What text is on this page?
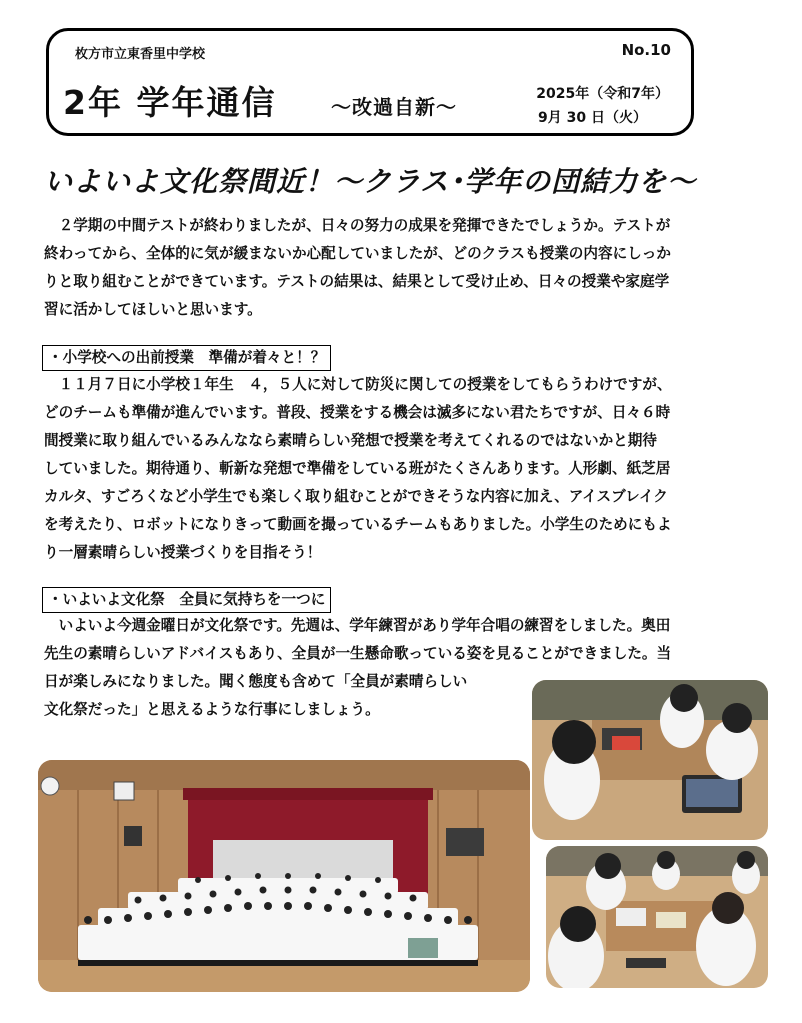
枚方市立東香里中学校	No.10
2年 学年通信	～改過自新～
2025年（令和7年）
9月 30 日（火）
いよいよ文化祭間近！～クラス･学年の団結力を～

　２学期の中間テストが終わりましたが、日々の努力の成果を発揮できたでしょうか。テストが
終わってから、全体的に気が緩まないか心配していましたが、どのクラスも授業の内容にしっか
りと取り組むことができています。テストの結果は、結果として受け止め、日々の授業や家庭学
習に活かしてほしいと思います。

・小学校への出前授業　準備が着々と！？

　１１月７日に小学校１年生　４，５人に対して防災に関しての授業をしてもらうわけですが、
どのチームも準備が進んでいます。普段、授業をする機会は滅多にない君たちですが、日々６時
間授業に取り組んでいるみんななら素晴らしい発想で授業を考えてくれるのではないかと期待
していました。期待通り、斬新な発想で準備をしている班がたくさんあります。人形劇、紙芝居
カルタ、すごろくなど小学生でも楽しく取り組むことができそうな内容に加え、アイスブレイク
を考えたり、ロボットになりきって動画を撮っているチームもありました。小学生のためにもよ
り一層素晴らしい授業づくりを目指そう！

・いよいよ文化祭　全員に気持ちを一つに

　いよいよ今週金曜日が文化祭です。先週は、学年練習があり学年合唱の練習をしました。奥田
先生の素晴らしいアドバイスもあり、全員が一生懸命歌っている姿を見ることができました。当
日が楽しみになりました。聞く態度も含めて「全員が素晴らしい
文化祭だった」と思えるような行事にしましょう。
